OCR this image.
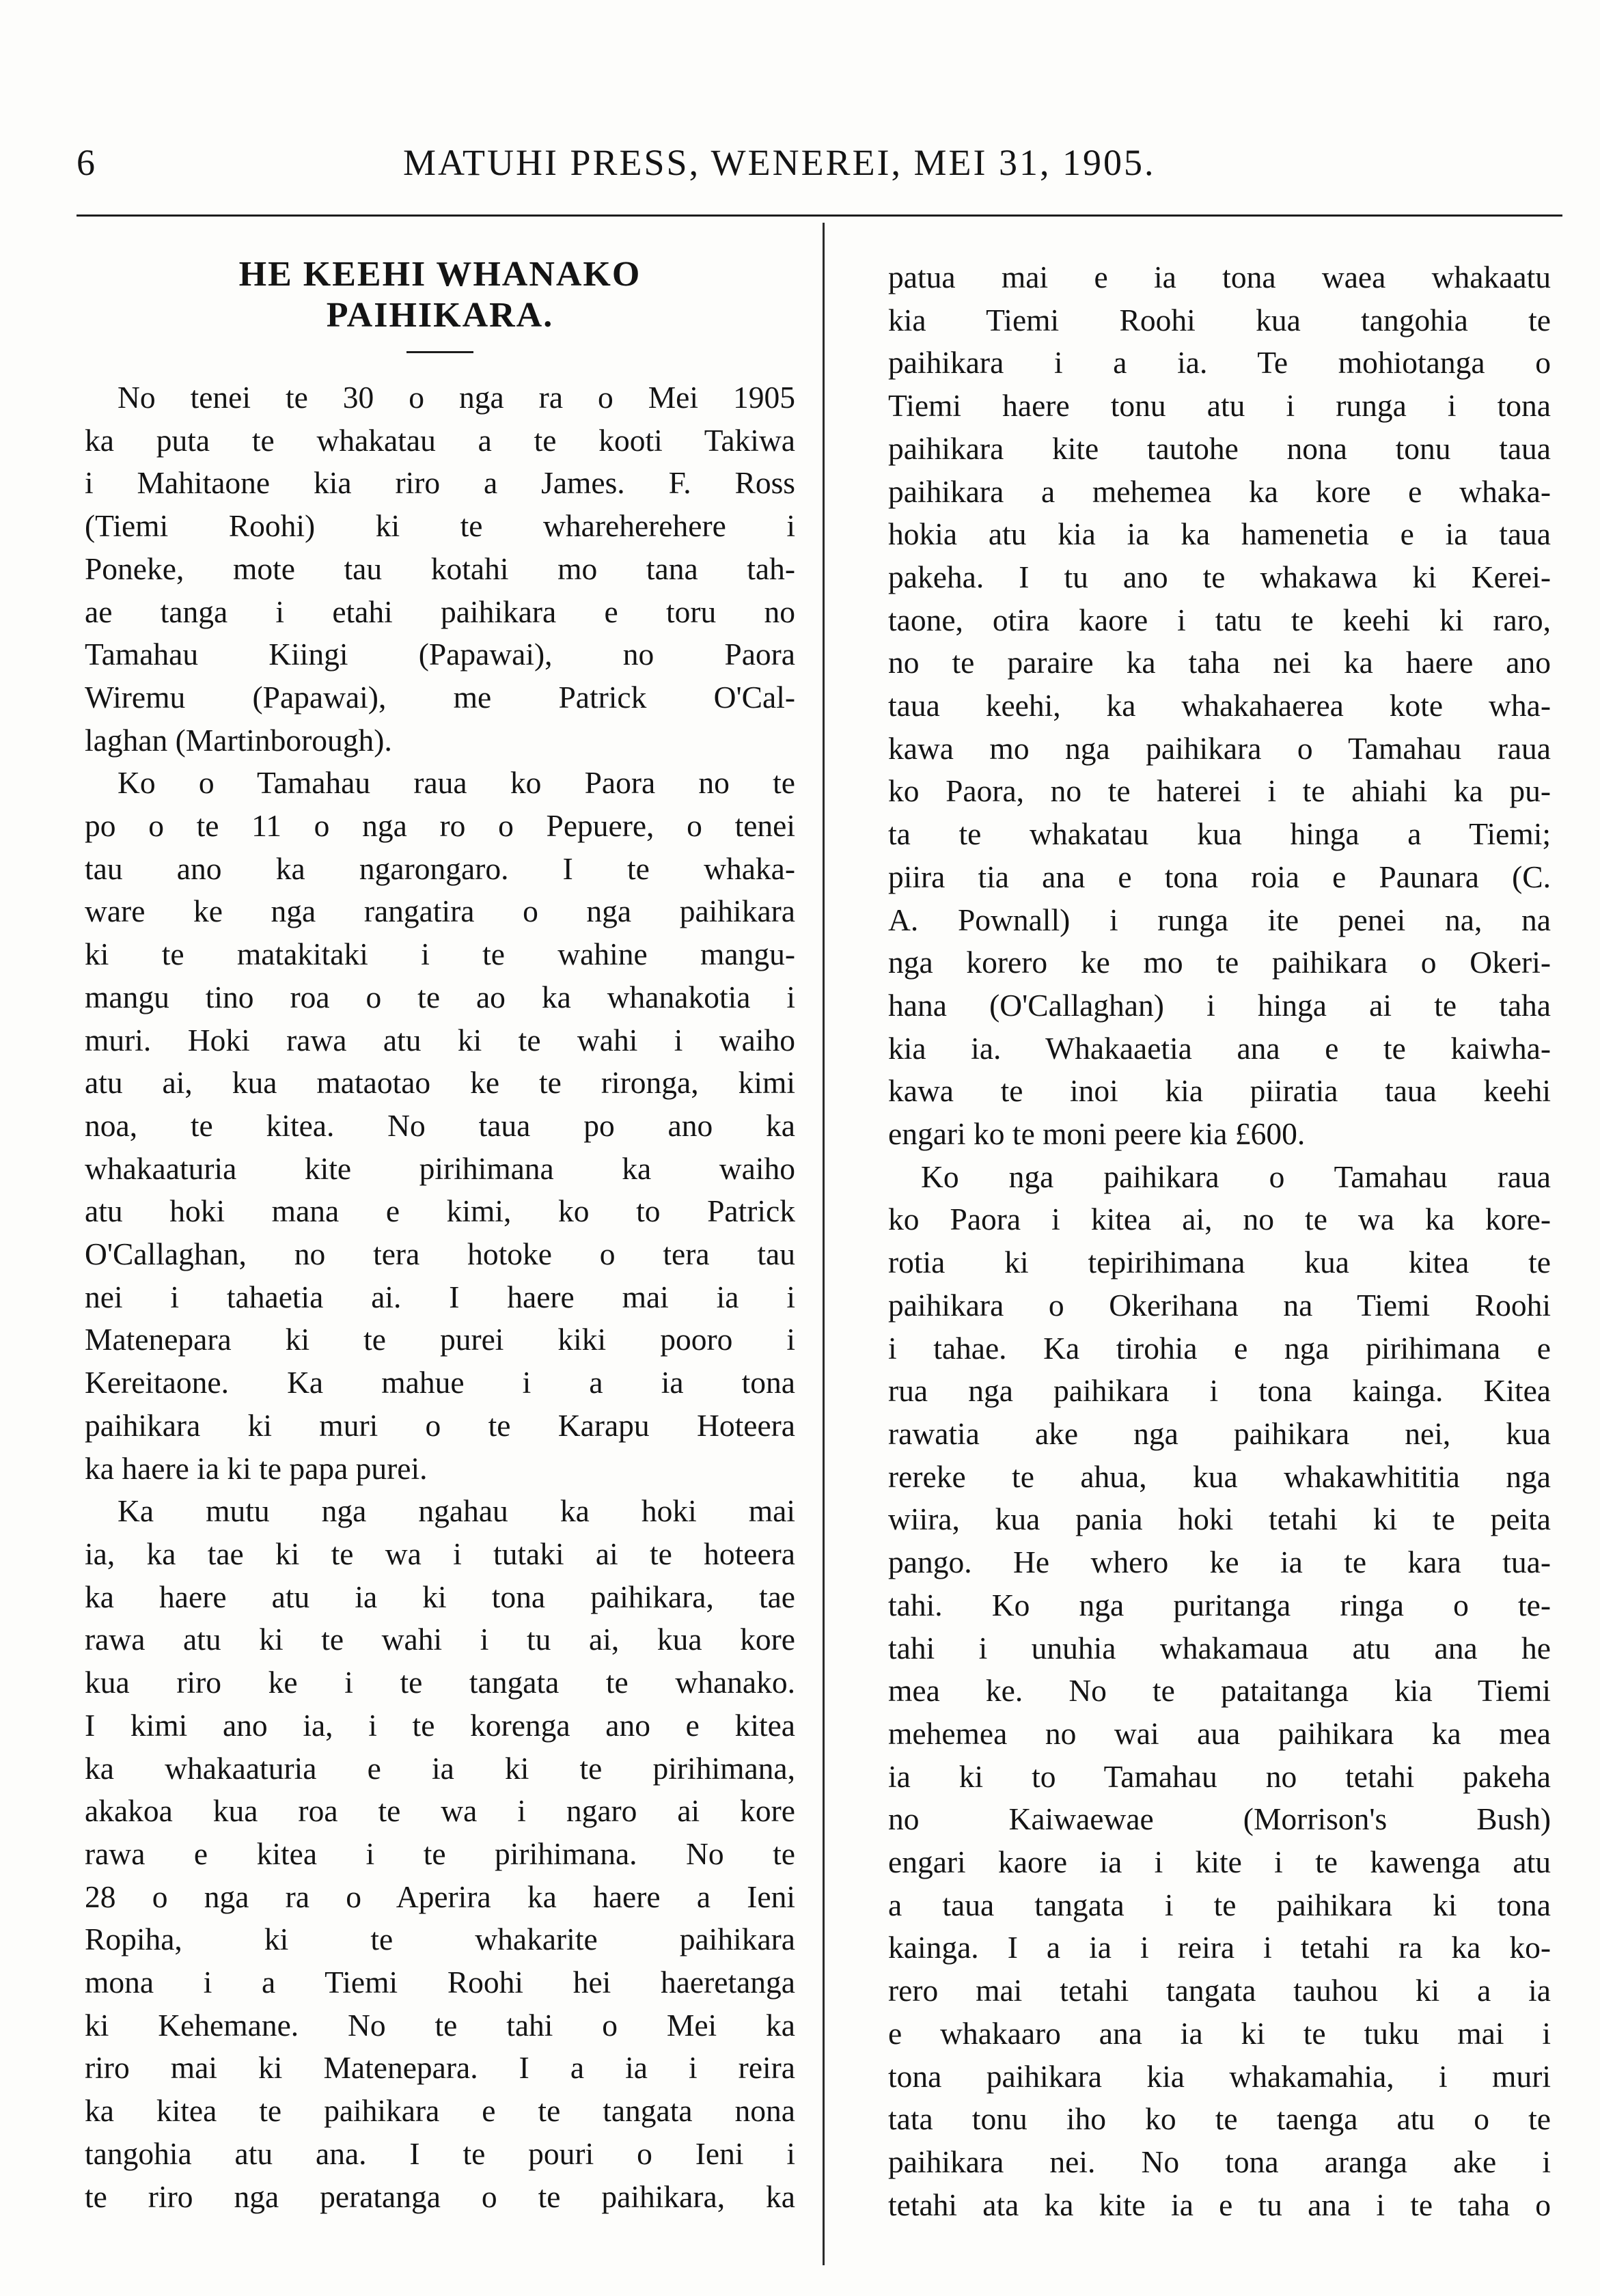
6	MATUHI PRESS, WENEREI, MEI 31, 1905.
HE KEEHI WHANAKO
PAIHIKARA.
No tenei te 30 o nga ra o Mei 1905
ka puta te whakatau a te kooti Takiwa
i Mahitaone kia riro a James. F. Ross
(Tiemi Roohi) ki te whareherehere i
Poneke, mote tau kotahi mo tana tah-
ae tanga i etahi paihikara e toru no
Tamahau Kiingi (Papawai), no Paora
Wiremu (Papawai), me Patrick O'Cal-
laghan (Martinborough).
Ko o Tamahau raua ko Paora no te
po o te 11 o nga ro o Pepuere, o tenei
tau ano ka ngarongaro. I te whaka-
ware ke nga rangatira o nga paihikara
ki te matakitaki i te wahine mangu-
mangu tino roa o te ao ka whanakotia i
muri. Hoki rawa atu ki te wahi i waiho
atu ai, kua mataotao ke te rironga, kimi
noa, te kitea. No taua po ano ka
whakaaturia kite pirihimana ka waiho
atu hoki mana e kimi, ko to Patrick
O'Callaghan, no tera hotoke o tera tau
nei i tahaetia ai. I haere mai ia i
Matenepara ki te purei kiki pooro i
Kereitaone. Ka mahue i a ia tona
paihikara ki muri o te Karapu Hoteera
ka haere ia ki te papa purei.
Ka mutu nga ngahau ka hoki mai
ia, ka tae ki te wa i tutaki ai te hoteera
ka haere atu ia ki tona paihikara, tae
rawa atu ki te wahi i tu ai, kua kore
kua riro ke i te tangata te whanako.
I kimi ano ia, i te korenga ano e kitea
ka whakaaturia e ia ki te pirihimana,
akakoa kua roa te wa i ngaro ai kore
rawa e kitea i te pirihimana. No te
28 o nga ra o Aperira ka haere a Ieni
Ropiha, ki te whakarite paihikara
mona i a Tiemi Roohi hei haeretanga
ki Kehemane. No te tahi o Mei ka
riro mai ki Matenepara. I a ia i reira
ka kitea te paihikara e te tangata nona
tangohia atu ana. I te pouri o Ieni i
te riro nga peratanga o te paihikara, ka
patua mai e ia tona waea whakaatu
kia Tiemi Roohi kua tangohia te
paihikara i a ia. Te mohiotanga o
Tiemi haere tonu atu i runga i tona
paihikara kite tautohe nona tonu taua
paihikara a mehemea ka kore e whaka-
hokia atu kia ia ka hamenetia e ia taua
pakeha. I tu ano te whakawa ki Kerei-
taone, otira kaore i tatu te keehi ki raro,
no te paraire ka taha nei ka haere ano
taua keehi, ka whakahaerea kote wha-
kawa mo nga paihikara o Tamahau raua
ko Paora, no te haterei i te ahiahi ka pu-
ta te whakatau kua hinga a Tiemi;
piira tia ana e tona roia e Paunara (C.
A. Pownall) i runga ite penei na, na
nga korero ke mo te paihikara o Okeri-
hana (O'Callaghan) i hinga ai te taha
kia ia. Whakaaetia ana e te kaiwha-
kawa te inoi kia piiratia taua keehi
engari ko te moni peere kia £600.
Ko nga paihikara o Tamahau raua
ko Paora i kitea ai, no te wa ka kore-
rotia ki tepirihimana kua kitea te
paihikara o Okerihana na Tiemi Roohi
i tahae. Ka tirohia e nga pirihimana e
rua nga paihikara i tona kainga. Kitea
rawatia ake nga paihikara nei, kua
rereke te ahua, kua whakawhititia nga
wiira, kua pania hoki tetahi ki te peita
pango. He whero ke ia te kara tua-
tahi. Ko nga puritanga ringa o te-
tahi i unuhia whakamaua atu ana he
mea ke. No te pataitanga kia Tiemi
mehemea no wai aua paihikara ka mea
ia ki to Tamahau no tetahi pakeha
no Kaiwaewae (Morrison's Bush)
engari kaore ia i kite i te kawenga atu
a taua tangata i te paihikara ki tona
kainga. I a ia i reira i tetahi ra ka ko-
rero mai tetahi tangata tauhou ki a ia
e whakaaro ana ia ki te tuku mai i
tona paihikara kia whakamahia, i muri
tata tonu iho ko te taenga atu o te
paihikara nei. No tona aranga ake i
tetahi ata ka kite ia e tu ana i te taha o
